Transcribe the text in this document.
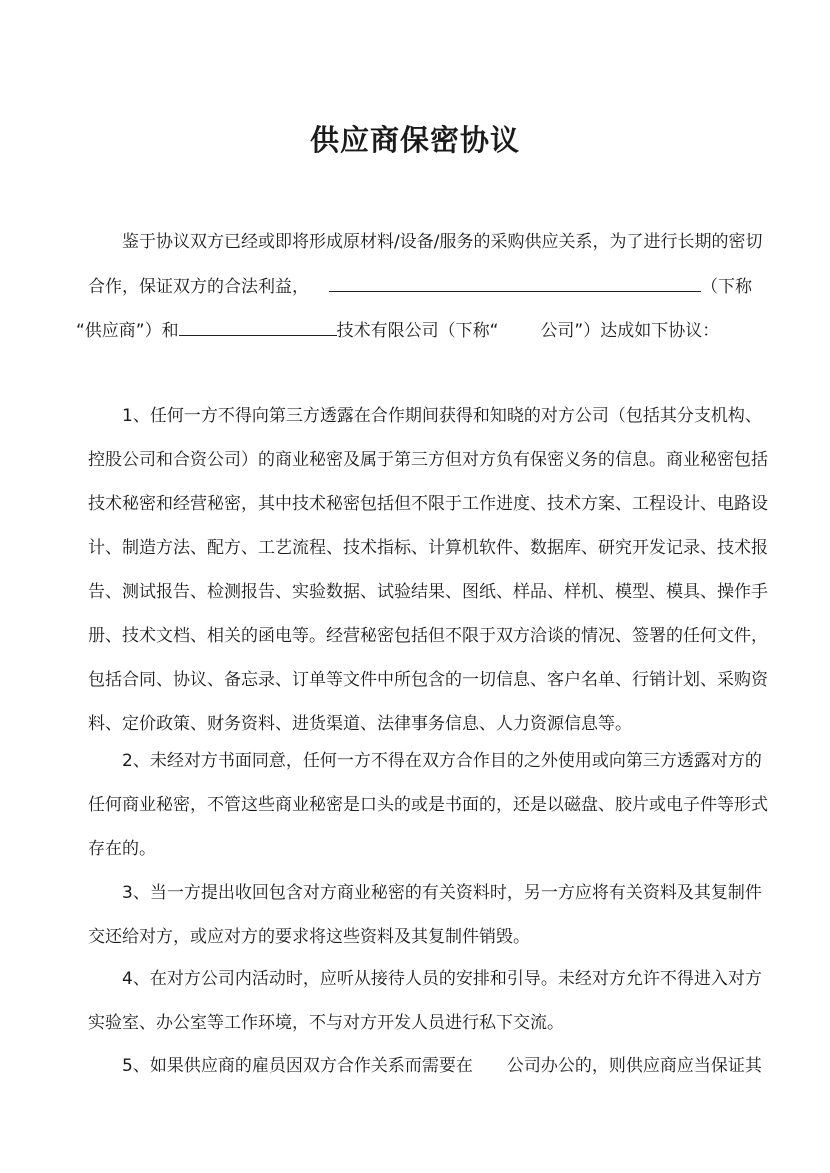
供应商保密协议
鉴于协议双方已经或即将形成原材料/设备/服务的采购供应关系，为了进行长期的密切
合作，保证双方的合法利益，	（下称
“供应商”）和	技术有限公司（下称“ 公司”）达成如下协议：
1、任何一方不得向第三方透露在合作期间获得和知晓的对方公司（包括其分支机构、
控股公司和合资公司）的商业秘密及属于第三方但对方负有保密义务的信息。商业秘密包括
技术秘密和经营秘密，其中技术秘密包括但不限于工作进度、技术方案、工程设计、电路设
计、制造方法、配方、工艺流程、技术指标、计算机软件、数据库、研究开发记录、技术报
告、测试报告、检测报告、实验数据、试验结果、图纸、样品、样机、模型、模具、操作手
册、技术文档、相关的函电等。经营秘密包括但不限于双方洽谈的情况、签署的任何文件，
包括合同、协议、备忘录、订单等文件中所包含的一切信息、客户名单、行销计划、采购资
料、定价政策、财务资料、进货渠道、法律事务信息、人力资源信息等。
2、未经对方书面同意，任何一方不得在双方合作目的之外使用或向第三方透露对方的
任何商业秘密，不管这些商业秘密是口头的或是书面的，还是以磁盘、胶片或电子件等形式
存在的。
3、当一方提出收回包含对方商业秘密的有关资料时，另一方应将有关资料及其复制件
交还给对方，或应对方的要求将这些资料及其复制件销毁。
4、在对方公司内活动时，应听从接待人员的安排和引导。未经对方允许不得进入对方
实验室、办公室等工作环境，不与对方开发人员进行私下交流。
5、如果供应商的雇员因双方合作关系而需要在　　公司办公的，则供应商应当保证其
